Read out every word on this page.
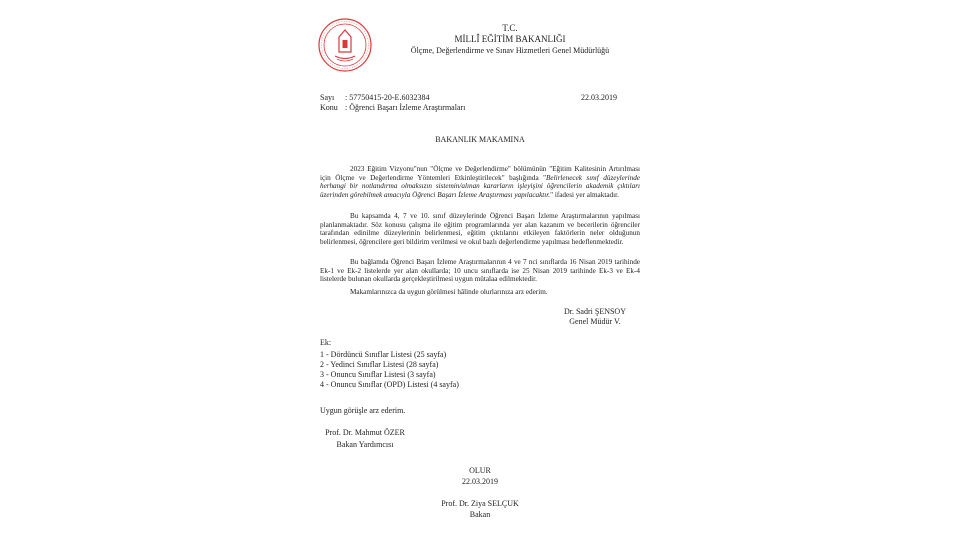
T.C.
MİLLÎ EĞİTİM BAKANLIĞI
Ölçme, Değerlendirme ve Sınav Hizmetleri Genel Müdürlüğü
Sayı : 57750415-20-E.6032384	22.03.2019
Konu : Öğrenci Başarı İzleme Araştırmaları
BAKANLIK MAKAMINA
2023 Eğitim Vizyonu"nun "Ölçme ve Değerlendirme" bölümünün "Eğitim Kalitesinin Artırılması için Ölçme ve Değerlendirme Yöntemleri Etkinleştirilecek" başlığında "Belirlenecek sınıf düzeylerinde herhangi bir notlandırma olmaksızın sistemin/alınan kararların işleyişini öğrencilerin akademik çıktıları üzerinden görebilmek amacıyla Öğrenci Başarı İzleme Araştırması yapılacaktır." ifadesi yer almaktadır.
Bu kapsamda 4, 7 ve 10. sınıf düzeylerinde Öğrenci Başarı İzleme Araştırmalarının yapılması planlanmaktadır. Söz konusu çalışma ile eğitim programlarında yer alan kazanım ve becerilerin öğrenciler tarafından edinilme düzeylerinin belirlenmesi, eğitim çıktılarını etkileyen faktörlerin neler olduğunun belirlenmesi, öğrencilere geri bildirim verilmesi ve okul bazlı değerlendirme yapılması hedeflenmektedir.
Bu bağlamda Öğrenci Başarı İzleme Araştırmalarının 4 ve 7 nci sınıflarda 16 Nisan 2019 tarihinde Ek-1 ve Ek-2 listelerde yer alan okullarda; 10 uncu sınıflarda ise 25 Nisan 2019 tarihinde Ek-3 ve Ek-4 listelerde bulunan okullarda gerçekleştirilmesi uygun mütalaa edilmektedir.
Makamlarınızca da uygun görülmesi hâlinde olurlarınıza arz ederim.
Dr. Sadri ŞENSOY
Genel Müdür V.
Ek:
1 - Dördüncü Sınıflar Listesi (25 sayfa)
2 - Yedinci Sınıflar Listesi (28 sayfa)
3 - Onuncu Sınıflar Listesi (3 sayfa)
4 - Onuncu Sınıflar (OPD) Listesi (4 sayfa)
Uygun görüşle arz ederim.
Prof. Dr. Mahmut ÖZER
Bakan Yardımcısı
OLUR
22.03.2019
Prof. Dr. Ziya SELÇUK
Bakan
